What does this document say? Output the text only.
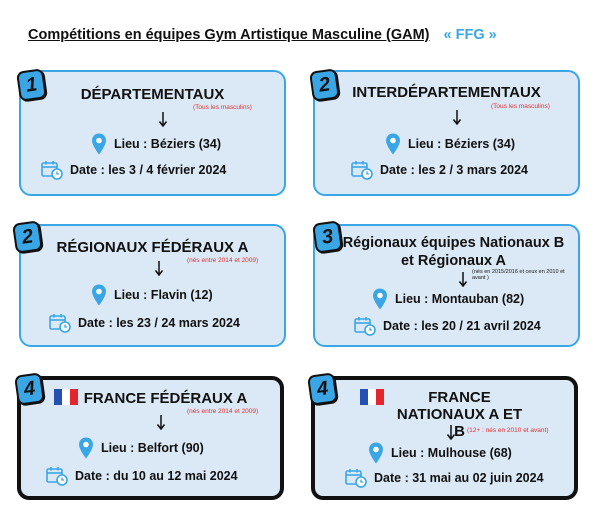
Compétitions en équipes Gym Artistique Masculine (GAM) « FFG »
DÉPARTEMENTAUX
(Tous les masculins)
Lieu : Béziers (34)
Date : les 3 / 4 février 2024
1	INTERDÉPARTEMENTAUX
(Tous les masculins)
Lieu : Béziers (34)
Date : les 2 / 3 mars 2024
2
RÉGIONAUX FÉDÉRAUX A
(nés entre 2014 et 2009)
Lieu : Flavin (12)
Date : les 23 / 24 mars 2024
2	Régionaux équipes Nationaux B et Régionaux A
(nés en 2015/2016 et ceux en 2010 et avant )
Lieu : Montauban (82)
Date : les 20 / 21 avril 2024
3
FRANCE FÉDÉRAUX A
(nés entre 2014 et 2009)
Lieu : Belfort (90)
Date : du 10 au 12 mai 2024
4	FRANCE NATIONAUX A ET B (12+ : nés en 2010 et avant)
Lieu : Mulhouse (68)
Date : 31 mai au 02 juin 2024
4
